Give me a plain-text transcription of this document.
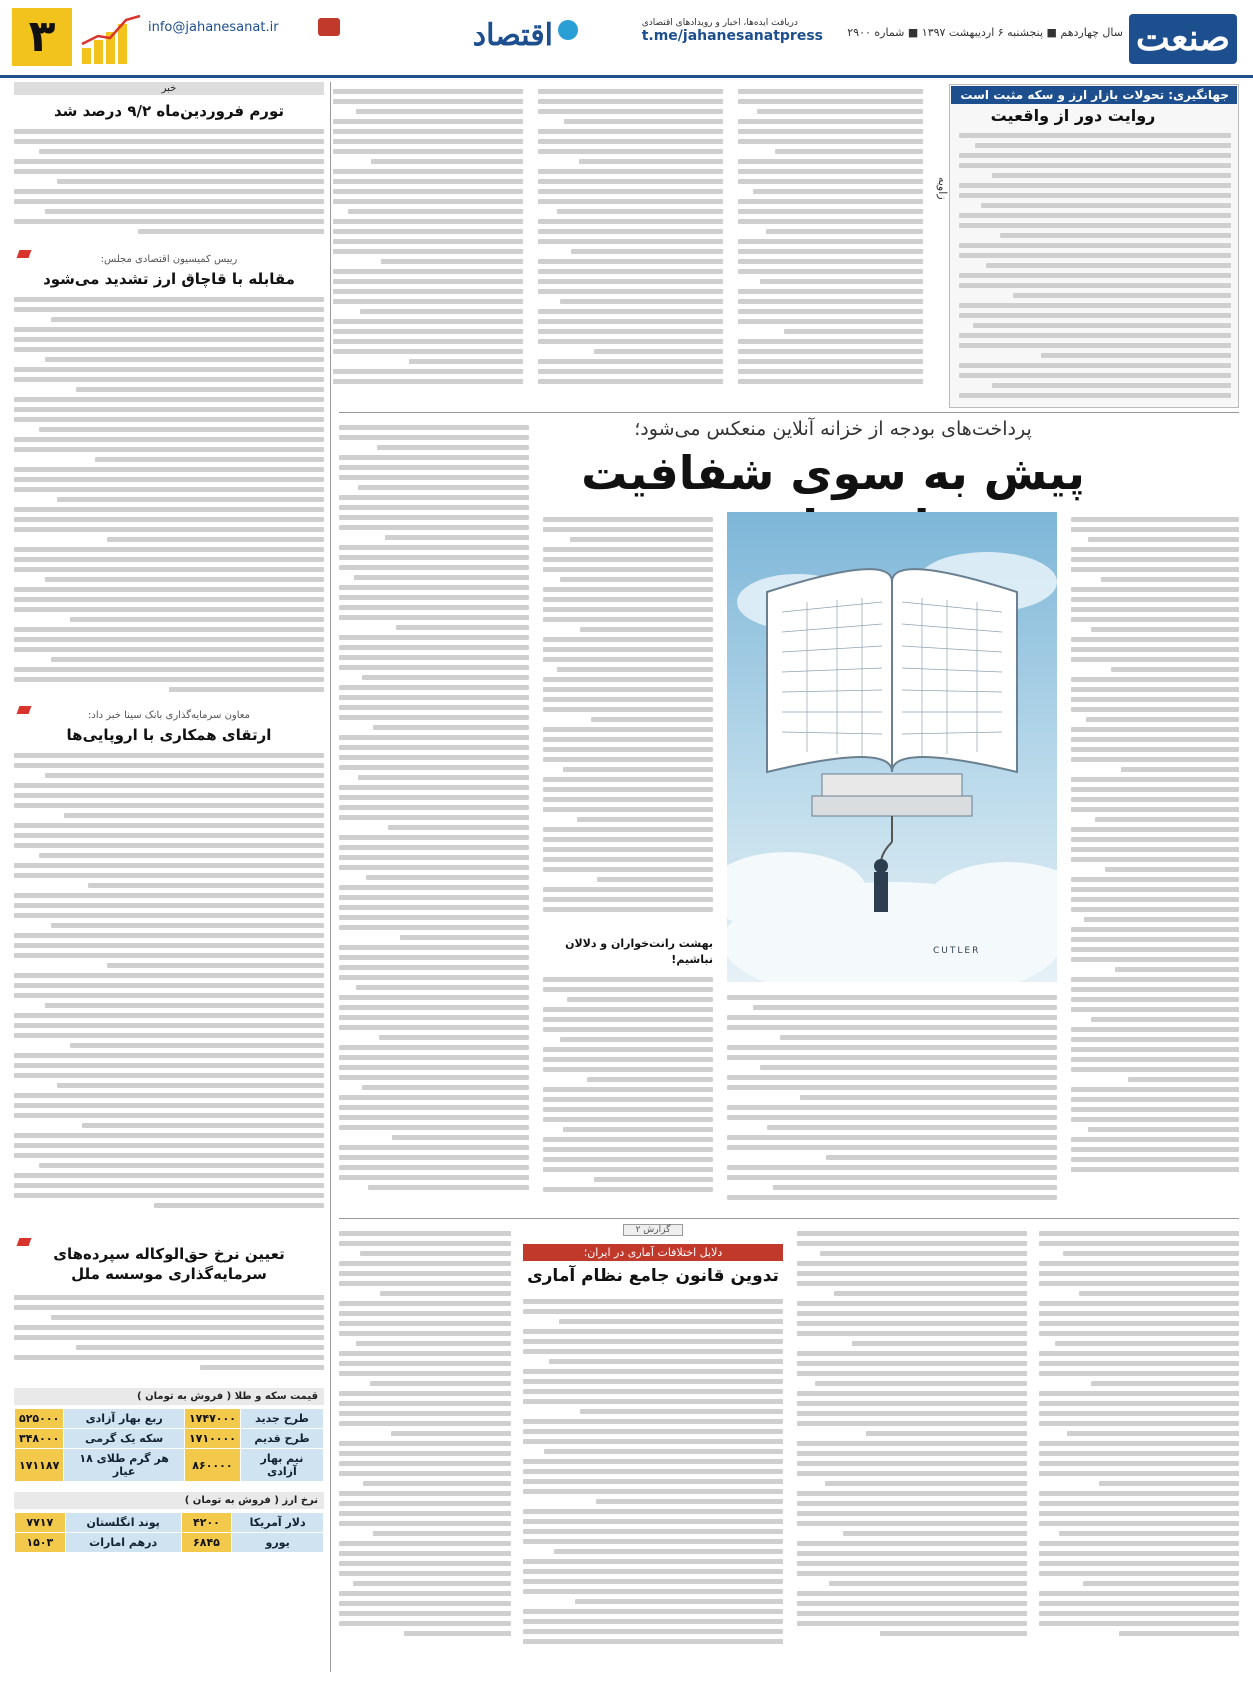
صنعت
سال چهاردهم ■ پنجشنبه ۶ اردیبهشت ۱۳۹۷ ■ شماره ۲۹۰۰
دریافت ایده‌ها، اخبار و رویدادهای اقتصادی
t.me/jahanesanatpress
اقتصاد
info@jahanesanat.ir
۳
جهانگیری: تحولات بازار ارز و سکه مثبت است
روایت دور از واقعیت
زاویه
پرداخت‌های بودجه از خزانه آنلاین منعکس می‌شود؛
پیش به سوی شفافیت
CUTLER
بهشت رانت‌خواران و دلالان نباشیم!
گزارش ۲
دلایل اختلافات آماری در ایران؛
تدوین قانون جامع نظام آماری
خبر
تورم فروردین‌ماه ۹/۲ درصد شد
رییس کمیسیون اقتصادی مجلس:
مقابله با قاچاق ارز تشدید می‌شود
معاون سرمایه‌گذاری بانک سینا خبر داد:
ارتقای همکاری با اروپایی‌ها
تعیین نرخ حق‌الوکاله سپرده‌های سرمایه‌گذاری موسسه ملل
قیمت سکه و طلا ( فروش به تومان )
طرح جدید	۱۷۴۷۰۰۰	ربع بهار آزادی	۵۲۵۰۰۰
طرح قدیم	۱۷۱۰۰۰۰	سکه یک گرمی	۳۴۸۰۰۰
نیم بهار آزادی	۸۶۰۰۰۰	هر گرم طلای ۱۸ عیار	۱۷۱۱۸۷
نرخ ارز ( فروش به تومان )
دلار آمریکا	۴۲۰۰	پوند انگلستان	۷۷۱۷
یورو	۶۸۴۵	درهم امارات	۱۵۰۳
